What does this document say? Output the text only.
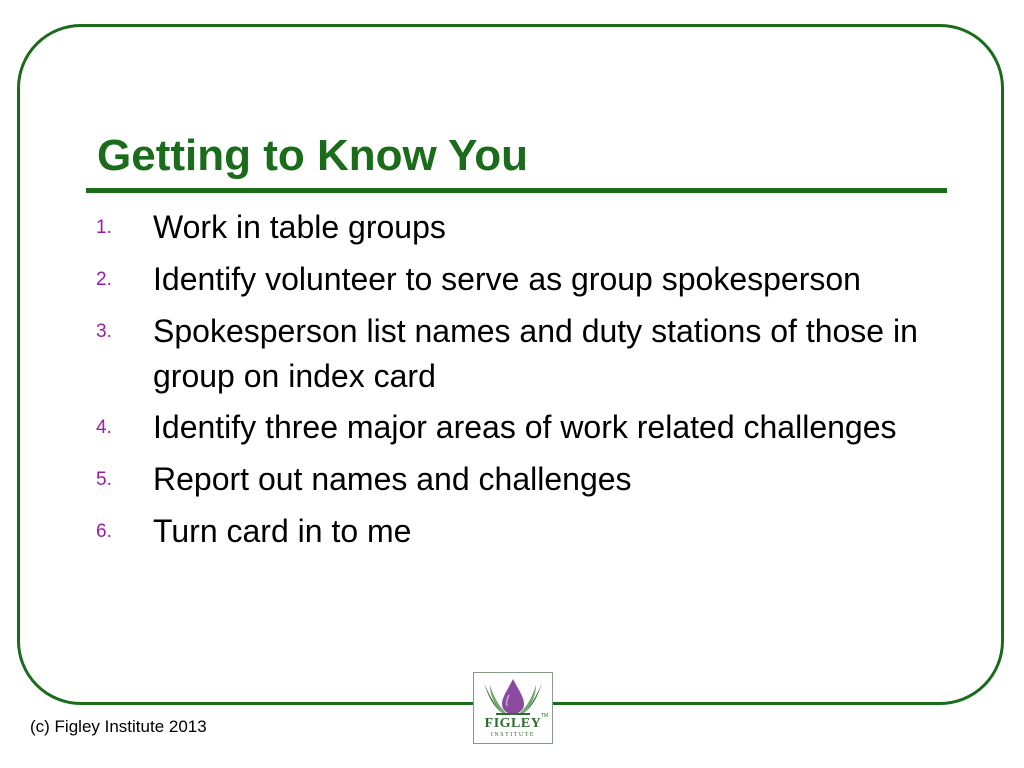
Getting to Know You
1.	Work in table groups
2.	Identify volunteer to serve as group spokesperson
3.	Spokesperson list names and duty stations of those in group on index card
4.	Identify three major areas of work related challenges
5.	Report out names and challenges
6.	Turn card in to me
(c) Figley Institute 2013	FIGLEY TM
INSTITUTE
